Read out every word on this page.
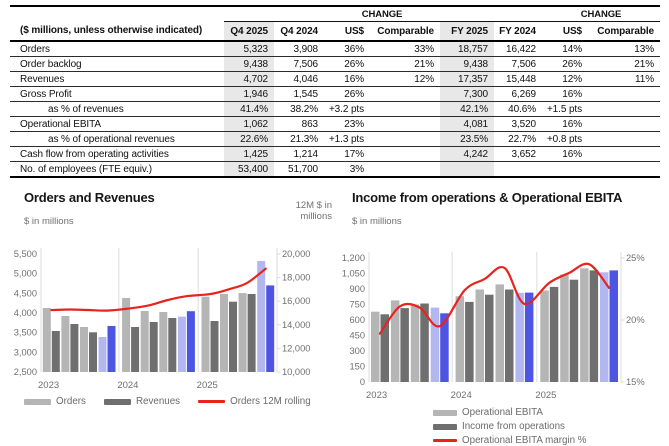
			CHANGE				CHANGE	
($ millions, unless otherwise indicated)	Q4 2025	Q4 2024	US$	Comparable	FY 2025	FY 2024	US$	Comparable
Orders	5,323	3,908	36%	33%	18,757	16,422	14%	13%
Order backlog	9,438	7,506	26%	21%	9,438	7,506	26%	21%
Revenues	4,702	4,046	16%	12%	17,357	15,448	12%	11%
Gross Profit	1,946	1,545	26%		7,300	6,269	16%	
as % of revenues	41.4%	38.2%	+3.2 pts		42.1%	40.6%	+1.5 pts	
Operational EBITA	1,062	863	23%		4,081	3,520	16%	
as % of operational revenues	22.6%	21.3%	+1.3 pts		23.5%	22.7%	+0.8 pts	
Cash flow from operating activities	1,425	1,214	17%		4,242	3,652	16%	
No. of employees (FTE equiv.)	53,400	51,700	3%					
Orders and Revenues
$ in millions
12M $ in
millions
2,500
3,000
3,500
4,000
4,500
5,000
5,500
10,000
12,000
14,000
16,000
18,000
20,000
2023	2024	2025
Orders	Revenues	Orders 12M rolling
Income from operations & Operational EBITA
$ in millions
0
150
300
450
600
750
900
1,050
1,200
15%
20%
25%
2023	2024	2025
Operational EBITA
Income from operations
Operational EBITA margin %
